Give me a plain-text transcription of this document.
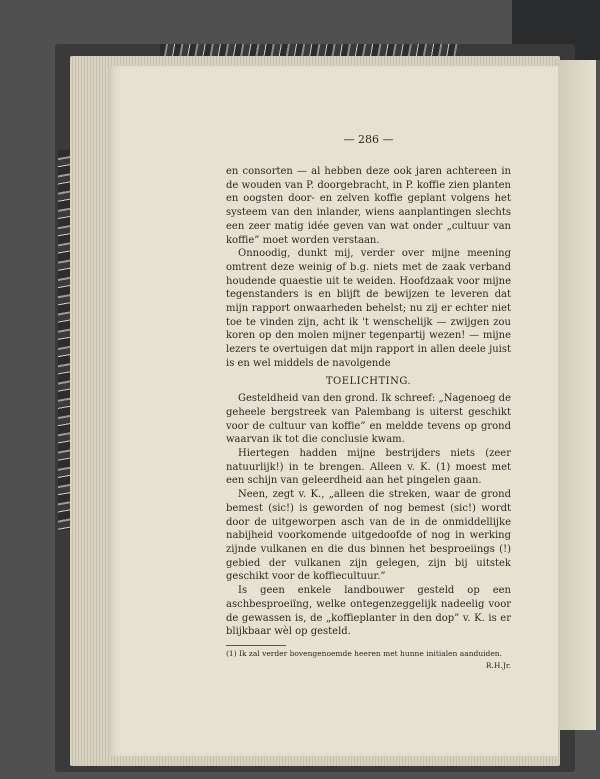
— 286 —

en consorten — al hebben deze ook jaren achtereen in de wouden van P. doorgebracht, in P. koffie zien planten en oogsten door- en zelven koffie geplant volgens het systeem van den inlander, wiens aanplantingen slechts een zeer matig idée geven van wat onder „cultuur van koffie” moet worden verstaan.

Onnoodig, dunkt mij, verder over mijne meening omtrent deze weinig of b.g. niets met de zaak verband houdende quaestie uit te weiden. Hoofdzaak voor mijne tegenstanders is en blijft de bewijzen te leveren dat mijn rapport onwaarheden behelst; nu zij er echter niet toe te vinden zijn, acht ik 't wenschelijk — zwijgen zou koren op den molen mijner tegenpartij wezen! — mijne lezers te overtuigen dat mijn rapport in allen deele juist is en wel middels de navolgende

TOELICHTING.

Gesteldheid van den grond. Ik schreef: „Nagenoeg de geheele bergstreek van Palembang is uiterst geschikt voor de cultuur van koffie” en meldde tevens op grond waarvan ik tot die conclusie kwam.

Hiertegen hadden mijne bestrijders niets (zeer natuurlijk!) in te brengen. Alleen v. K. (1) moest met een schijn van geleerdheid aan het pingelen gaan.

Neen, zegt v. K., „alleen die streken, waar de grond bemest (sic!) is geworden of nog bemest (sic!) wordt door de uitgeworpen asch van de in de onmiddellijke nabijheid voorkomende uitgedoofde of nog in werking zijnde vulkanen en die dus binnen het besproeiings (!) gebied der vulkanen zijn gelegen, zijn bij uitstek geschikt voor de koffiecultuur.”

Is geen enkele landbouwer gesteld op een aschbesproeiïng, welke ontegenzeggelijk nadeelig voor de gewassen is, de „koffieplanter in den dop” v. K. is er blijkbaar wèl op gesteld.

(1) Ik zal verder bovengenoemde heeren met hunne initialen aanduiden.
R.H.Jr.
